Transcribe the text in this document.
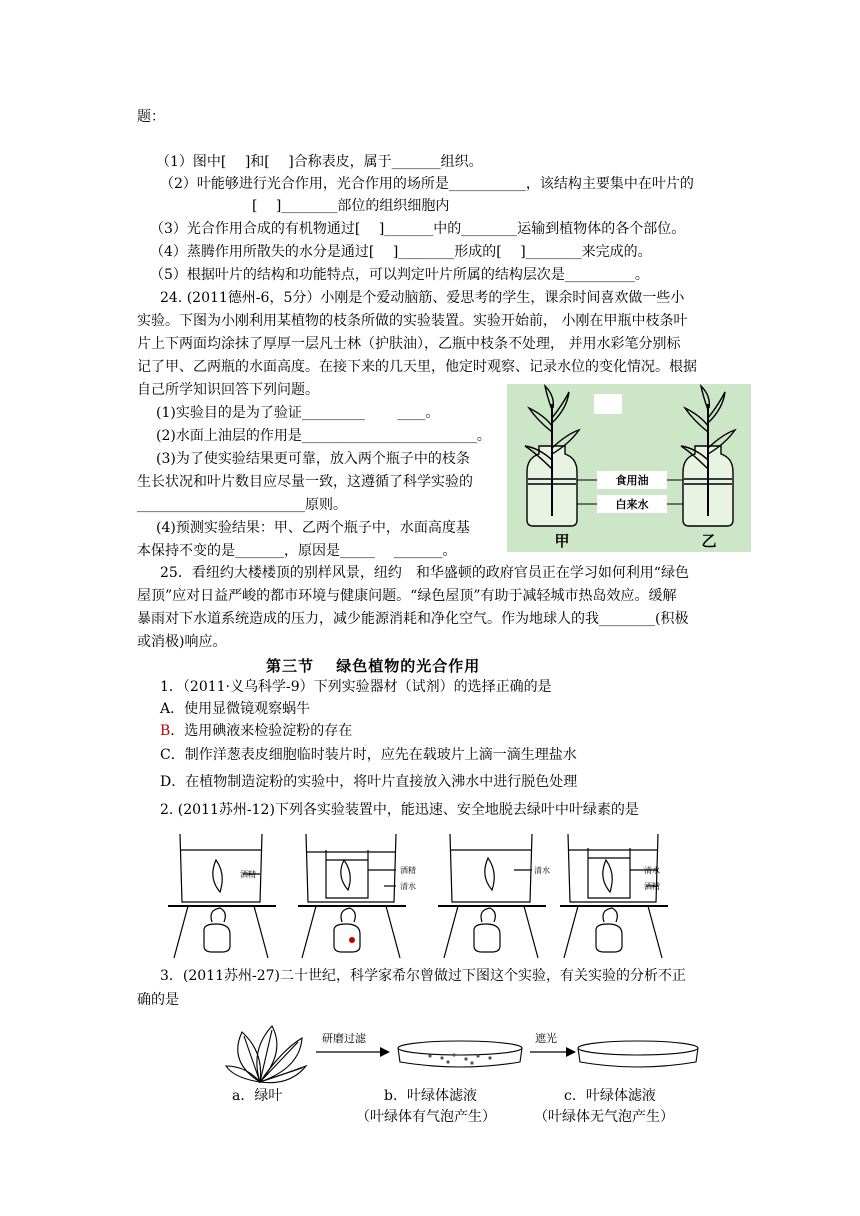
题：
（1）图中[　 ]和[　 ]合称表皮，属于_______组织。
（2）叶能够进行光合作用，光合作用的场所是___________，该结构主要集中在叶片的
[　 ]________部位的组织细胞内
（3）光合作用合成的有机物通过[　 ]_______中的________运输到植物体的各个部位。
（4）蒸腾作用所散失的水分是通过[　 ]________形成的[　 ]________来完成的。
（5）根据叶片的结构和功能特点，可以判定叶片所属的结构层次是__________。
24. (2011德州-6，5分）小刚是个爱动脑筋、爱思考的学生，课余时间喜欢做一些小
实验。下图为小刚利用某植物的枝条所做的实验装置。实验开始前， 小刚在甲瓶中枝条叶
片上下两面均涂抹了厚厚一层凡士林（护肤油），乙瓶中枝条不处理， 并用水彩笔分别标
记了甲、乙两瓶的水面高度。在接下来的几天里，他定时观察、记录水位的变化情况。根据
自己所学知识回答下列问题。
(1)实验目的是为了验证_________ 　　____。
(2)水面上油层的作用是_________________________。
(3)为了使实验结果更可靠，放入两个瓶子中的枝条
生长状况和叶片数目应尽量一致，这遵循了科学实验的
________________________原则。
(4)预测实验结果：甲、乙两个瓶子中，水面高度基
本保持不变的是_______，原因是_____ 　_______。
食用油
白来水
甲	乙
25．看纽约大楼楼顶的别样风景，纽约　和华盛顿的政府官员正在学习如何利用“绿色
屋顶”应对日益严峻的都市环境与健康问题。“绿色屋顶”有助于减轻城市热岛效应。缓解
暴雨对下水道系统造成的压力，减少能源消耗和净化空气。作为地球人的我________(积极
或消极)响应。
第三节　 绿色植物的光合作用
1．（2011·义乌科学-9）下列实验器材（试剂）的选择正确的是
A．使用显微镜观察蜗牛
B．选用碘液来检验淀粉的存在
C．制作洋葱表皮细胞临时装片时，应先在载玻片上滴一滴生理盐水
D．在植物制造淀粉的实验中，将叶片直接放入沸水中进行脱色处理
2. (2011苏州-12)下列各实验装置中，能迅速、安全地脱去绿叶中叶绿素的是
酒精	酒精
清水
清水	清水
酒精
3．(2011苏州-27)二十世纪，科学家希尔曾做过下图这个实验，有关实验的分析不正
确的是
研磨过滤	遮光
a．绿叶	b．叶绿体滤液
（叶绿体有气泡产生）
c．叶绿体滤液
（叶绿体无气泡产生）
